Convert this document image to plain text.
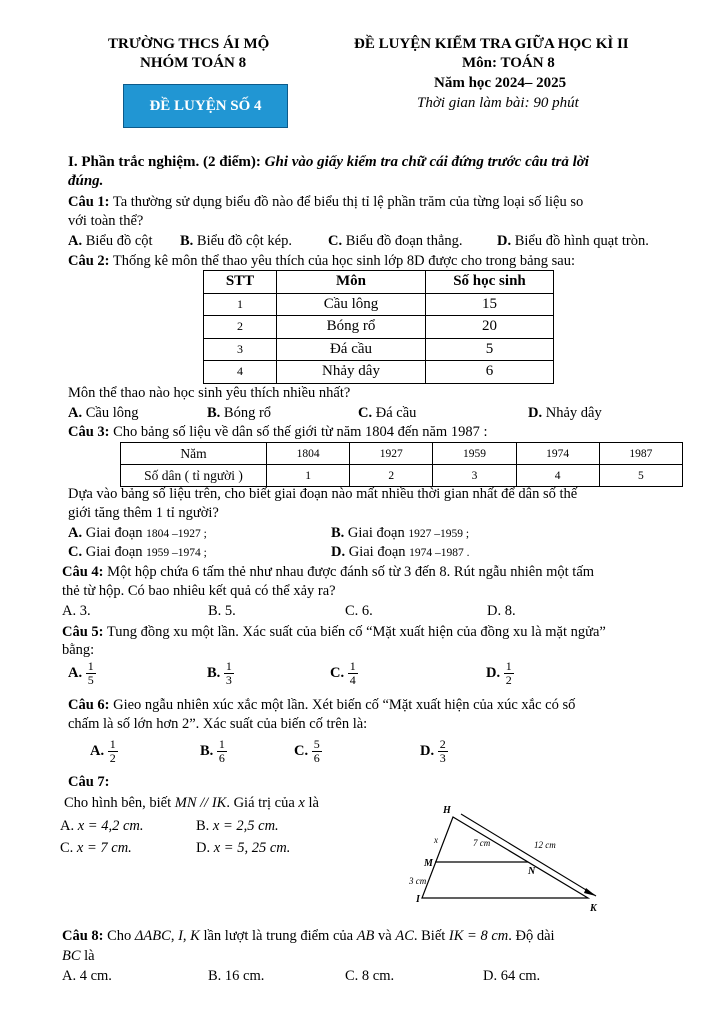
TRƯỜNG THCS ÁI MỘ
NHÓM TOÁN 8
ĐỀ LUYỆN SỐ 4
ĐỀ LUYỆN KIỂM TRA GIỮA HỌC KÌ II
Môn: TOÁN 8
Năm học 2024– 2025
Thời gian làm bài: 90 phút
I. Phần trắc nghiệm. (2 điểm): Ghi vào giấy kiểm tra chữ cái đứng trước câu trả lời
đúng.
Câu 1: Ta thường sử dụng biểu đồ nào để biểu thị tỉ lệ phần trăm của từng loại số liệu so
với toàn thể?
A. Biểu đồ cột B. Biểu đồ cột kép. C. Biểu đồ đoạn thẳng. D. Biểu đồ hình quạt tròn.
Câu 2: Thống kê môn thể thao yêu thích của học sinh lớp 8D được cho trong bảng sau:
STT	Môn	Số học sinh
1	Cầu lông	15
2	Bóng rổ	20
3	Đá cầu	5
4	Nhảy dây	6
Môn thể thao nào học sinh yêu thích nhiều nhất?
A. Cầu lông	B. Bóng rổ	C. Đá cầu	D. Nhảy dây
Câu 3: Cho bảng số liệu về dân số thế giới từ năm 1804 đến năm 1987 :
Năm	1804	1927	1959	1974	1987
Số dân ( tỉ người )	1	2	3	4	5
Dựa vào bảng số liệu trên, cho biết giai đoạn nào mất nhiều thời gian nhất để dân số thế
giới tăng thêm 1 tỉ người?
A. Giai đoạn 1804 –1927 ;	B. Giai đoạn 1927 –1959 ;
C. Giai đoạn 1959 –1974 ;	D. Giai đoạn 1974 –1987 .
Câu 4: Một hộp chứa 6 tấm thẻ như nhau được đánh số từ 3 đến 8. Rút ngẫu nhiên một tấm
thẻ từ hộp. Có bao nhiêu kết quả có thể xảy ra?
A. 3.	B. 5.	C. 6.	D. 8.
Câu 5: Tung đồng xu một lần. Xác suất của biến cố “Mặt xuất hiện của đồng xu là mặt ngửa”
bằng:
A. $\frac{1}{5}$	B. $\frac{1}{3}$	C. $\frac{1}{4}$	D. $\frac{1}{2}$
Câu 6: Gieo ngẫu nhiên xúc xắc một lần. Xét biến cố “Mặt xuất hiện của xúc xắc có số
chấm là số lớn hơn 2”. Xác suất của biến cố trên là:
A. $\frac{1}{2}$	B. $\frac{1}{6}$	C. $\frac{5}{6}$	D. $\frac{2}{3}$
Câu 7:
Cho hình bên, biết MN // IK. Giá trị của x là
A. x = 4,2 cm.	B. x = 2,5 cm.
C. x = 7 cm.	D. x = 5, 25 cm.
H
M
N
I
K
x	7 cm	12 cm
3 cm
Câu 8: Cho ΔABC, I, K lần lượt là trung điểm của AB và AC. Biết IK = 8 cm. Độ dài
BC là
A. 4 cm.	B. 16 cm.	C. 8 cm.	D. 64 cm.
